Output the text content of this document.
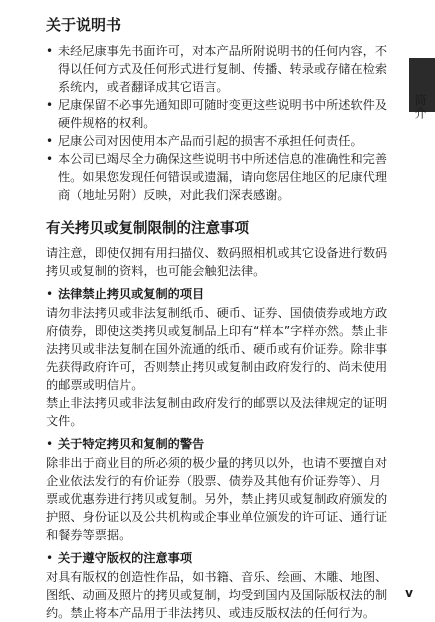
简介
关于说明书
• 未经尼康事先书面许可，对本产品所附说明书的任何内容，不得以任何方式及任何形式进行复制、传播、转录或存储在检索系统内，或者翻译成其它语言。
• 尼康保留不必事先通知即可随时变更这些说明书中所述软件及硬件规格的权利。
• 尼康公司对因使用本产品而引起的损害不承担任何责任。
• 本公司已竭尽全力确保这些说明书中所述信息的准确性和完善性。如果您发现任何错误或遗漏，请向您居住地区的尼康代理商（地址另附）反映，对此我们深表感谢。
有关拷贝或复制限制的注意事项

请注意，即使仅拥有用扫描仪、数码照相机或其它设备进行数码拷贝或复制的资料，也可能会触犯法律。

• 法律禁止拷贝或复制的项目

请勿非法拷贝或非法复制纸币、硬币、证券、国债债券或地方政府债券，即使这类拷贝或复制品上印有“样本”字样亦然。禁止非法拷贝或非法复制在国外流通的纸币、硬币或有价证券。除非事先获得政府许可，否则禁止拷贝或复制由政府发行的、尚未使用的邮票或明信片。

禁止非法拷贝或非法复制由政府发行的邮票以及法律规定的证明文件。

• 关于特定拷贝和复制的警告

除非出于商业目的所必须的极少量的拷贝以外，也请不要擅自对企业依法发行的有价证券（股票、债券及其他有价证券等）、月票或优惠券进行拷贝或复制。另外，禁止拷贝或复制政府颁发的护照、身份证以及公共机构或企事业单位颁发的许可证、通行证和餐券等票据。

• 关于遵守版权的注意事项

对具有版权的创造性作品，如书籍、音乐、绘画、木雕、地图、图纸、动画及照片的拷贝或复制，均受到国内及国际版权法的制约。禁止将本产品用于非法拷贝、或违反版权法的任何行为。

v
